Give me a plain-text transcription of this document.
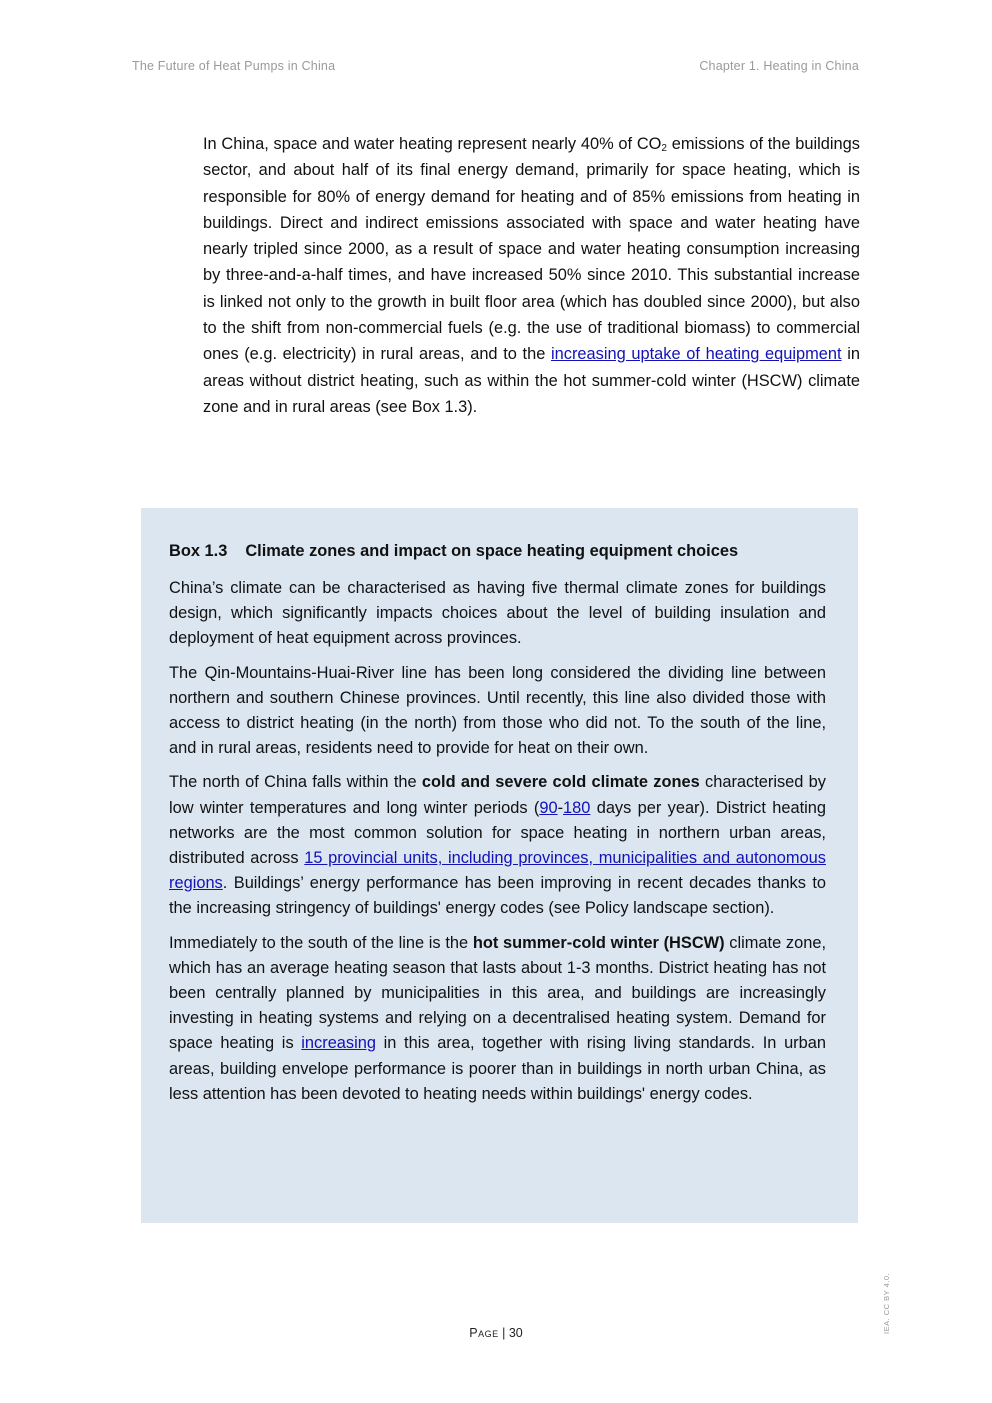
The Future of Heat Pumps in China	Chapter 1. Heating in China

In China, space and water heating represent nearly 40% of $CO_2$ emissions of the buildings sector, and about half of its final energy demand, primarily for space heating, which is responsible for 80% of energy demand for heating and of 85% emissions from heating in buildings. Direct and indirect emissions associated with space and water heating have nearly tripled since 2000, as a result of space and water heating consumption increasing by three-and-a-half times, and have increased 50% since 2010. This substantial increase is linked not only to the growth in built floor area (which has doubled since 2000), but also to the shift from non-commercial fuels (e.g. the use of traditional biomass) to commercial ones (e.g. electricity) in rural areas, and to the increasing uptake of heating equipment in areas without district heating, such as within the hot summer-cold winter (HSCW) climate zone and in rural areas (see Box 1.3).

Box 1.3 Climate zones and impact on space heating equipment choices

China’s climate can be characterised as having five thermal climate zones for buildings design, which significantly impacts choices about the level of building insulation and deployment of heat equipment across provinces.

The Qin-Mountains-Huai-River line has been long considered the dividing line between northern and southern Chinese provinces. Until recently, this line also divided those with access to district heating (in the north) from those who did not. To the south of the line, and in rural areas, residents need to provide for heat on their own.

The north of China falls within the cold and severe cold climate zones characterised by low winter temperatures and long winter periods (90-180 days per year). District heating networks are the most common solution for space heating in northern urban areas, distributed across 15 provincial units, including provinces, municipalities and autonomous regions. Buildings’ energy performance has been improving in recent decades thanks to the increasing stringency of buildings' energy codes (see Policy landscape section).

Immediately to the south of the line is the hot summer-cold winter (HSCW) climate zone, which has an average heating season that lasts about 1-3 months. District heating has not been centrally planned by municipalities in this area, and buildings are increasingly investing in heating systems and relying on a decentralised heating system. Demand for space heating is increasing in this area, together with rising living standards. In urban areas, building envelope performance is poorer than in buildings in north urban China, as less attention has been devoted to heating needs within buildings' energy codes.

Page | 30	IEA. CC BY 4.0.
